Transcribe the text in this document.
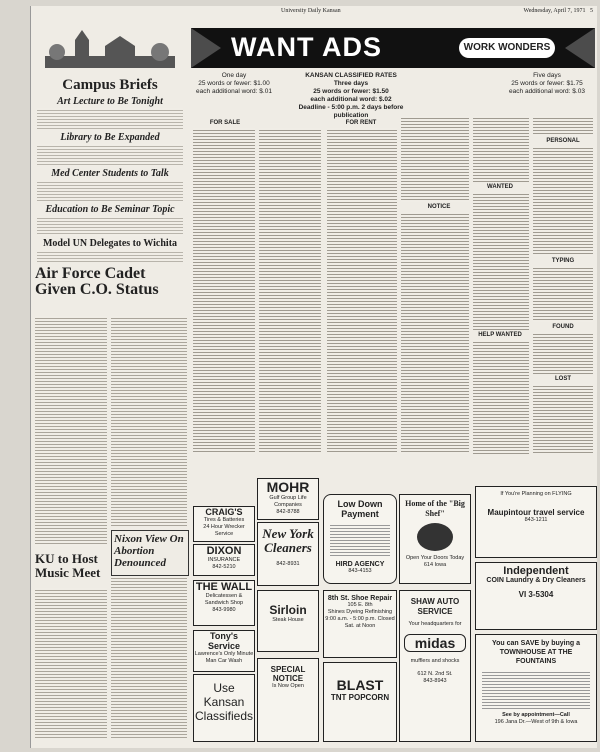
University Daily Kansan	Wednesday, April 7, 1971 5
Campus Briefs
Art Lecture to Be Tonight
Library to Be Expanded
Med Center Students to Talk
Education to Be Seminar Topic
Model UN Delegates to Wichita
Air Force Cadet Given C.O. Status
Nixon View On Abortion Denounced
KU to Host Music Meet
WANT ADS	WORK WONDERS
One day
25 words or fewer: $1.00
each additional word: $.01
KANSAN CLASSIFIED RATES
Three days
25 words or fewer: $1.50
each additional word: $.02
Deadline - 5:00 p.m. 2 days before publication
Five days
25 words or fewer: $1.75
each additional word: $.03
FOR SALE	FOR RENT
NOTICE
WANTED
HELP WANTED
PERSONAL
TYPING
FOUND
LOST
MOHR
Gulf Group Life Companies
842-8788
CRAIG'S
Tires & Batteries
24 Hour Wrecker Service
DIXON
INSURANCE
842-5210
THE WALL
Delicatessen & Sandwich Shop
843-9980
Tony's Service
Lawrence's Only Minute Man Car Wash
Use Kansan Classifieds
New York Cleaners
842-8931
Sirloin
Steak House
SPECIAL NOTICE
Is Now Open
Low Down Payment
HIRD AGENCY
843-4153
8th St. Shoe Repair
105 E. 8th
Shines Dyeing Refinishing
9:00 a.m. - 5:00 p.m. Closed Sat. at Noon
BLAST
TNT POPCORN
Home of the "Big Shef"
Open Your Doors Today
614 Iowa
SHAW AUTO SERVICE
Your headquarters for
midas
mufflers and shocks
612 N. 2nd St.
843-8943
If You're Planning on FLYING
Maupintour travel service
843-1211
Independent
COIN Laundry & Dry Cleaners
VI 3-5304
You can SAVE by buying a TOWNHOUSE AT THE FOUNTAINS
See by appointment—Call
196 Jana Dr.—West of 9th & Iowa
